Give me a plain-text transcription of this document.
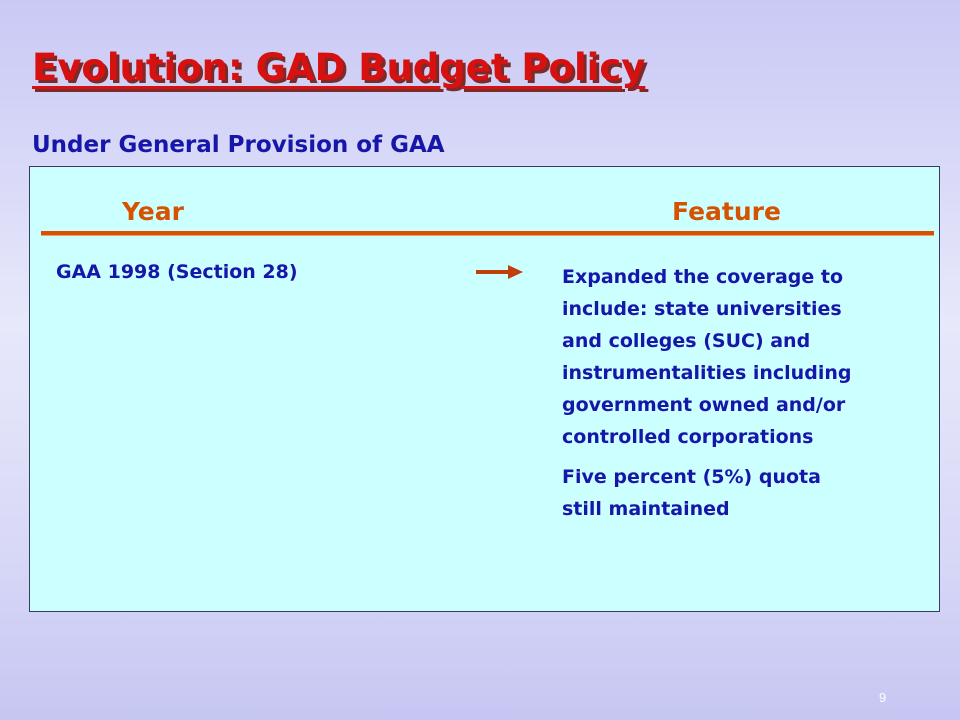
Evolution: GAD Budget Policy
Under General Provision of GAA
Year	Feature
GAA 1998 (Section 28)	Expanded the coverage to
include: state universities
and colleges (SUC) and
instrumentalities including
government owned and/or
controlled corporations

Five percent (5%) quota
still maintained

9
